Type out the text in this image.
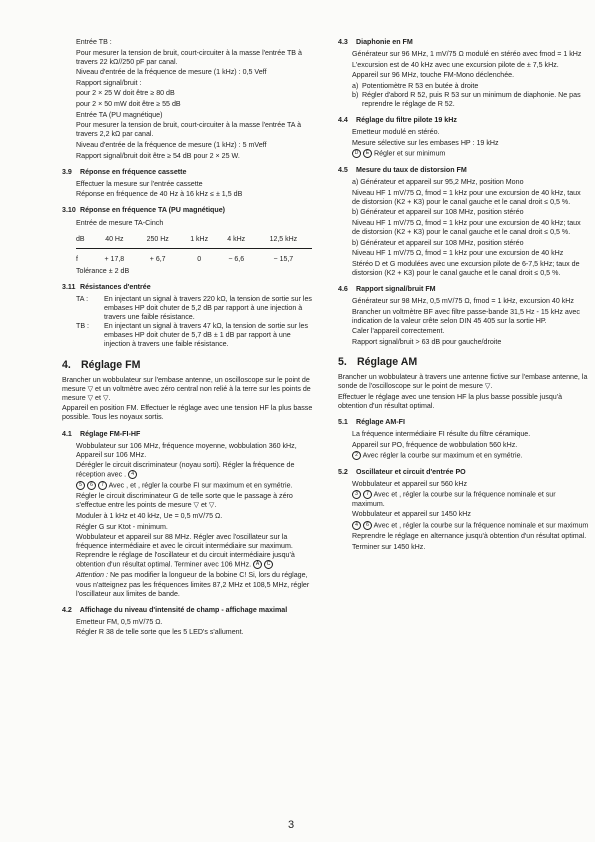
Entrée TB :

Pour mesurer la tension de bruit, court-circuiter à la masse l'entrée TB à travers 22 kΩ//250 pF par canal.

Niveau d'entrée de la fréquence de mesure (1 kHz) : 0,5 Veff

Rapport signal/bruit :

pour 2 × 25 W doit être ≥ 80 dB

pour 2 × 50 mW doit être ≥ 55 dB

Entrée TA (PU magnétique)

Pour mesurer la tension de bruit, court-circuiter à la masse l'entrée TA à travers 2,2 kΩ par canal.

Niveau d'entrée de la fréquence de mesure (1 kHz) : 5 mVeff

Rapport signal/bruit doit être ≥ 54 dB pour 2 × 25 W.

3.9 Réponse en fréquence cassette

Effectuer la mesure sur l'entrée cassette

Réponse en fréquence de 40 Hz à 16 kHz ≤ ± 1,5 dB

3.10 Réponse en fréquence TA (PU magnétique)

Entrée de mesure TA-Cinch

dB	40 Hz	250 Hz	1 kHz	4 kHz	12,5 kHz
f	+ 17,8	+ 6,7	0	− 6,6	− 15,7

Tolérance ± 2 dB

3.11 Résistances d'entrée
TA :	En injectant un signal à travers 220 kΩ, la tension de sortie sur les embases HP doit chuter de 5,2 dB par rapport à une injection à travers une faible résistance.
TB :	En injectant un signal à travers 47 kΩ, la tension de sortie sur les embases HP doit chuter de 5,7 dB ± 1 dB par rapport à une injection à travers une faible résistance.
4. Réglage FM

Brancher un wobbulateur sur l'embase antenne, un oscilloscope sur le point de mesure ▽ et un voltmètre avec zéro central non relié à la terre sur les points de mesure ▽ et ▽.

Appareil en position FM. Effectuer le réglage avec une tension HF la plus basse possible. Tous les noyaux sortis.

4.1 Réglage FM-FI-HF

Wobbulateur sur 106 MHz, fréquence moyenne, wobbulation 360 kHz, Appareil sur 106 MHz.

Dérégler le circuit discriminateur (noyau sorti). Régler la fréquence de réception avec . 4

5 6 7 Avec , et , régler la courbe FI sur maximum et en symétrie.

Régler le circuit discriminateur G de telle sorte que le passage à zéro s'effectue entre les points de mesure ▽ et ▽.

Moduler à 1 kHz et 40 kHz, Ue = 0,5 mV/75 Ω.

Régler G sur Ktot - minimum.

Wobbulateur et appareil sur 88 MHz. Régler avec l'oscillateur sur la fréquence intermédiaire et avec le circuit intermédiaire sur maximum. Reprendre le réglage de l'oscillateur et du circuit intermédiaire jusqu'à obtention d'un résultat optimal. Terminer avec 106 MHz. A C

Attention : Ne pas modifier la longueur de la bobine C! Si, lors du réglage, vous n'atteignez pas les fréquences limites 87,2 MHz et 108,5 MHz, régler l'oscillateur aux limites de bande.

4.2 Affichage du niveau d'intensité de champ - affichage maximal

Emetteur FM, 0,5 mV/75 Ω.

Régler R 38 de telle sorte que les 5 LED's s'allument.

4.3 Diaphonie en FM

Générateur sur 96 MHz, 1 mV/75 Ω modulé en stéréo avec fmod = 1 kHz

L'excursion est de 40 kHz avec une excursion pilote de ± 7,5 kHz.

Appareil sur 96 MHz, touche FM-Mono déclenchée.

a) Potentiomètre R 53 en butée à droite
b) Régler d'abord R 52, puis R 53 sur un minimum de diaphonie. Ne pas reprendre le réglage de R 52.
4.4 Réglage du filtre pilote 19 kHz

Emetteur modulé en stéréo.

Mesure sélective sur les embases HP : 19 kHz

D E Régler et sur minimum

4.5 Mesure du taux de distorsion FM

a) Générateur et appareil sur 95,2 MHz, position Mono

Niveau HF 1 mV/75 Ω, fmod = 1 kHz pour une excursion de 40 kHz, taux de distorsion (K2 + K3) pour le canal gauche et le canal droit ≤ 0,5 %.

b) Générateur et appareil sur 108 MHz, position stéréo

Niveau HF 1 mV/75 Ω, fmod = 1 kHz pour une excursion de 40 kHz; taux de distorsion (K2 + K3) pour le canal gauche et le canal droit ≤ 0,5 %.

b) Générateur et appareil sur 108 MHz, position stéréo

Niveau HF 1 mV/75 Ω, fmod = 1 kHz pour une excursion de 40 kHz

Stéréo D et G modulées avec une excursion pilote de 6-7,5 kHz; taux de distorsion (K2 + K3) pour le canal gauche et le canal droit ≤ 0,5 %.

4.6 Rapport signal/bruit FM

Générateur sur 98 MHz, 0,5 mV/75 Ω, fmod = 1 kHz, excursion 40 kHz

Brancher un voltmètre BF avec filtre passe-bande 31,5 Hz - 15 kHz avec indication de la valeur crête selon DIN 45 405 sur la sortie HP.

Caler l'appareil correctement.

Rapport signal/bruit > 63 dB pour gauche/droite

5. Réglage AM

Brancher un wobbulateur à travers une antenne fictive sur l'embase antenne, la sonde de l'oscilloscope sur le point de mesure ▽.

Effectuer le réglage avec une tension HF la plus basse possible jusqu'à obtention d'un résultat optimal.

5.1 Réglage AM-FI

La fréquence intermédiaire FI résulte du filtre céramique.

Appareil sur PO, fréquence de wobbulation 560 kHz.

2 Avec régler la courbe sur maximum et en symétrie.

5.2 Oscillateur et circuit d'entrée PO

Wobbulateur et appareil sur 560 kHz

3 7 Avec et , régler la courbe sur la fréquence nominale et sur maximum.

Wobbulateur et appareil sur 1450 kHz

4 6 Avec et , régler la courbe sur la fréquence nominale et sur maximum

Reprendre le réglage en alternance jusqu'à obtention d'un résultat optimal.

Terminer sur 1450 kHz.

3
